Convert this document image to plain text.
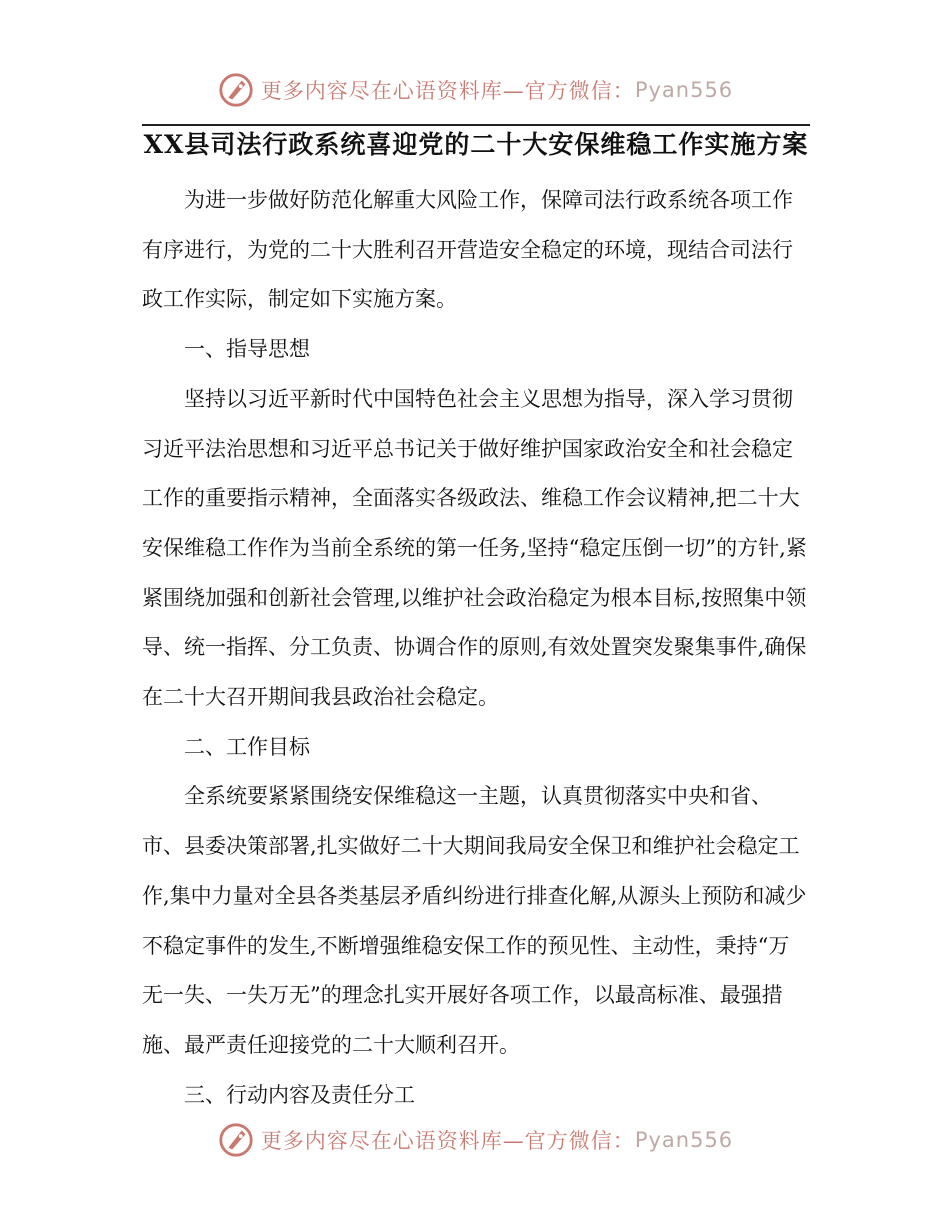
更多内容尽在心语资料库—官方微信： Pyan556
XX县司法行政系统喜迎党的二十大安保维稳工作实施方案

为进一步做好防范化解重大风险工作，保障司法行政系统各项工作有序进行，为党的二十大胜利召开营造安全稳定的环境，现结合司法行政工作实际，制定如下实施方案。

一、指导思想

坚持以习近平新时代中国特色社会主义思想为指导，深入学习贯彻习近平法治思想和习近平总书记关于做好维护国家政治安全和社会稳定工作的重要指示精神，全面落实各级政法、维稳工作会议精神,把二十大安保维稳工作作为当前全系统的第一任务,坚持“稳定压倒一切”的方针,紧紧围绕加强和创新社会管理,以维护社会政治稳定为根本目标,按照集中领导、统一指挥、分工负责、协调合作的原则,有效处置突发聚集事件,确保在二十大召开期间我县政治社会稳定。

二、工作目标

全系统要紧紧围绕安保维稳这一主题，认真贯彻落实中央和省、市、县委决策部署,扎实做好二十大期间我局安全保卫和维护社会稳定工作,集中力量对全县各类基层矛盾纠纷进行排查化解,从源头上预防和减少不稳定事件的发生,不断增强维稳安保工作的预见性、主动性，秉持“万无一失、一失万无”的理念扎实开展好各项工作，以最高标准、最强措施、最严责任迎接党的二十大顺利召开。

三、行动内容及责任分工

更多内容尽在心语资料库—官方微信： Pyan556
